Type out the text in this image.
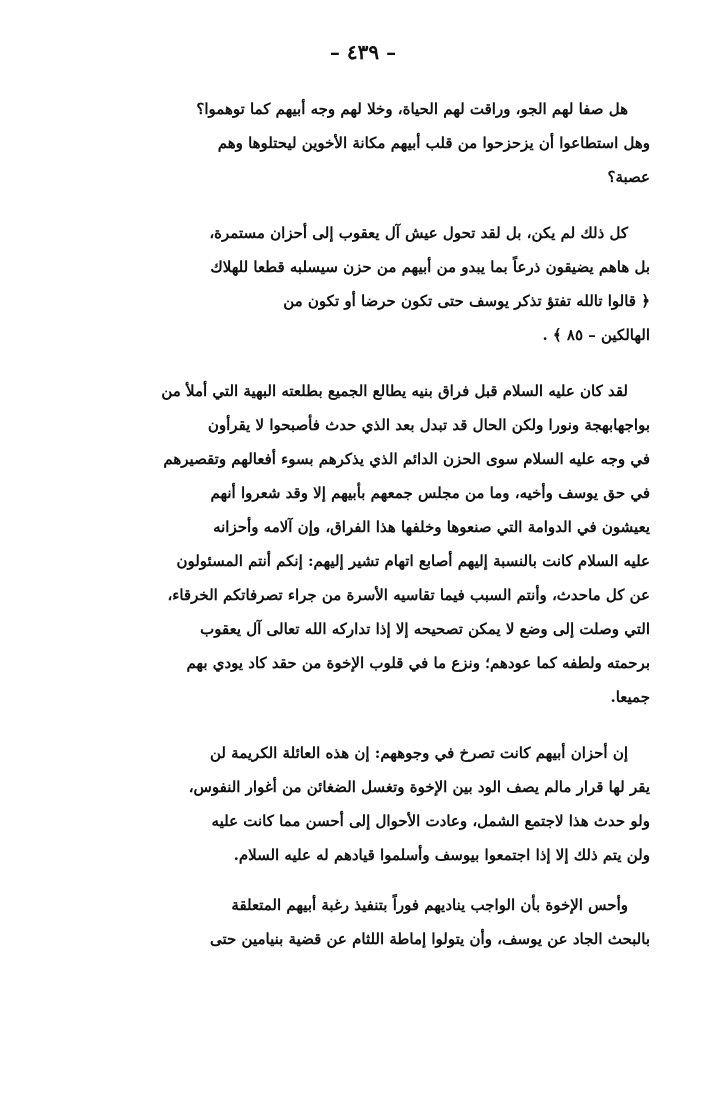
– ٤٣٩ –
هل صفا لهم الجو، وراقت لهم الحياة، وخلا لهم وجه أبيهم كما توهموا؟
وهل استطاعوا أن يزحزحوا من قلب أبيهم مكانة الأخوين ليحتلوها وهم
عصبة؟
كل ذلك لم يكن، بل لقد تحول عيش آل يعقوب إلى أحزان مستمرة،
بل هاهم يضيقون ذرعاً بما يبدو من أبيهم من حزن سيسلبه قطعا للهلاك
﴿ قالوا تالله تفتؤ تذكر يوسف حتى تكون حرضا أو تكون من
الهالكين – ٨٥ ﴾ .
لقد كان عليه السلام قبل فراق بنيه يطالع الجميع بطلعته البهية التي أملأ من
بواجهابهجة ونورا ولكن الحال قد تبدل بعد الذي حدث فأصبحوا لا يقرأون
في وجه عليه السلام سوى الحزن الدائم الذي يذكرهم بسوء أفعالهم وتقصيرهم
في حق يوسف وأخيه، وما من مجلس جمعهم بأبيهم إلا وقد شعروا أنهم
يعيشون في الدوامة التي صنعوها وخلفها هذا الفراق، وإن آلامه وأحزانه
عليه السلام كانت بالنسبة إليهم أصابع اتهام تشير إليهم: إنكم أنتم المسئولون
عن كل ماحدث، وأنتم السبب فيما تقاسيه الأسرة من جراء تصرفاتكم الخرقاء،
التي وصلت إلى وضع لا يمكن تصحيحه إلا إذا تداركه الله تعالى آل يعقوب
برحمته ولطفه كما عودهم؛ ونزع ما في قلوب الإخوة من حقد كاد يودي بهم
جميعا.
إن أحزان أبيهم كانت تصرخ في وجوههم: إن هذه العائلة الكريمة لن
يقر لها قرار مالم يصف الود بين الإخوة وتغسل الضغائن من أغوار النفوس،
ولو حدث هذا لاجتمع الشمل، وعادت الأحوال إلى أحسن مما كانت عليه
ولن يتم ذلك إلا إذا اجتمعوا بيوسف وأسلموا قيادهم له عليه السلام.
وأحس الإخوة بأن الواجب يناديهم فوراً بتنفيذ رغبة أبيهم المتعلقة
بالبحث الجاد عن يوسف، وأن يتولوا إماطة اللثام عن قضية بنيامين حتى
